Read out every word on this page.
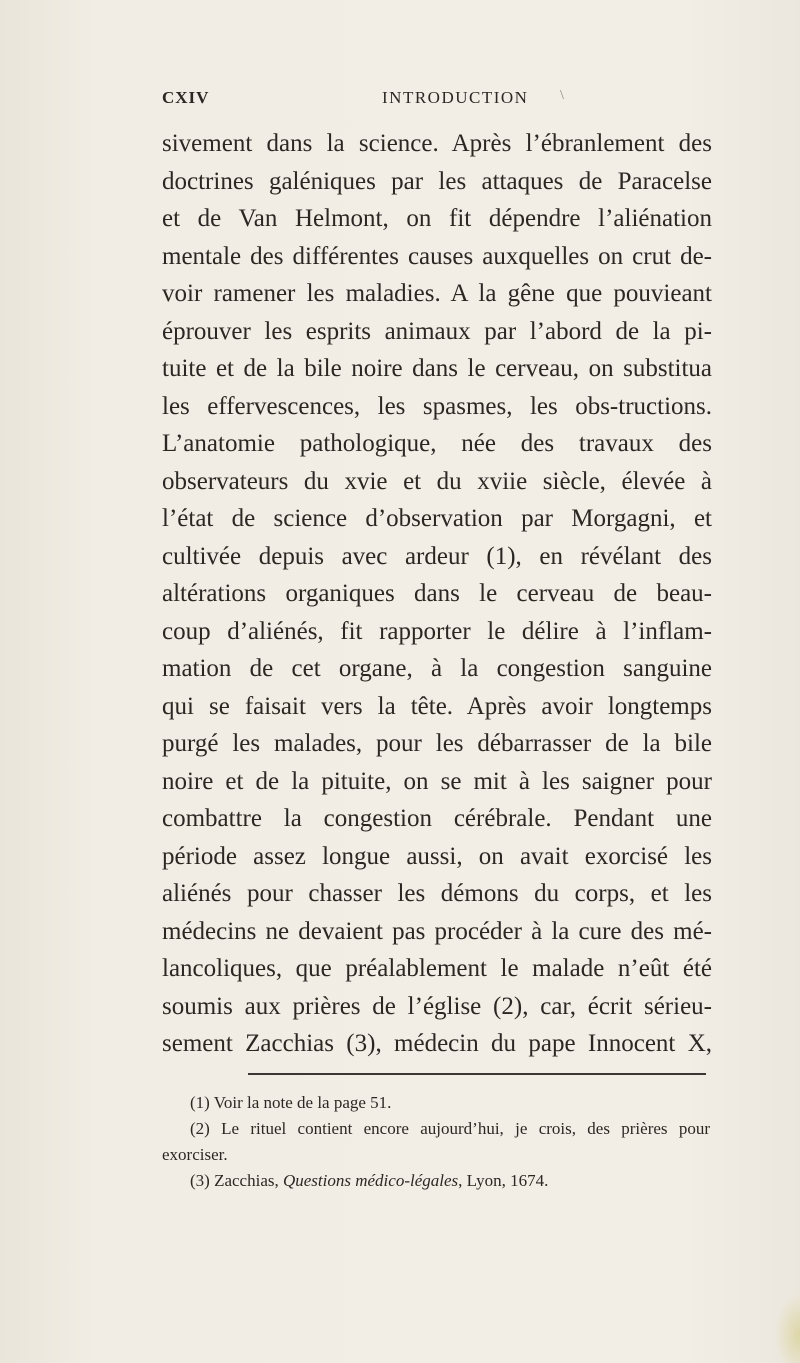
CXIV	\
INTRODUCTION
sivement dans la science. Après l’ébranlement des
doctrines galéniques par les attaques de Paracelse
et de Van Helmont, on fit dépendre l’aliénation
mentale des différentes causes auxquelles on crut de-
voir ramener les maladies. A la gêne que pouvieant
éprouver les esprits animaux par l’abord de la pi-
tuite et de la bile noire dans le cerveau, on substitua
les effervescences, les spasmes, les obs-tructions.
L’anatomie pathologique, née des travaux des
observateurs du xvie et du xviie siècle, élevée à
l’état de science d’observation par Morgagni, et
cultivée depuis avec ardeur (1), en révélant des
altérations organiques dans le cerveau de beau-
coup d’aliénés, fit rapporter le délire à l’inflam-
mation de cet organe, à la congestion sanguine
qui se faisait vers la tête. Après avoir longtemps
purgé les malades, pour les débarrasser de la bile
noire et de la pituite, on se mit à les saigner pour
combattre la congestion cérébrale. Pendant une
période assez longue aussi, on avait exorcisé les
aliénés pour chasser les démons du corps, et les
médecins ne devaient pas procéder à la cure des mé-
lancoliques, que préalablement le malade n’eût été
soumis aux prières de l’église (2), car, écrit sérieu-
sement Zacchias (3), médecin du pape Innocent X,
(1) Voir la note de la page 51.
(2) Le rituel contient encore aujourd’hui, je crois, des prières pour
exorciser.
(3) Zacchias, Questions médico-légales, Lyon, 1674.
